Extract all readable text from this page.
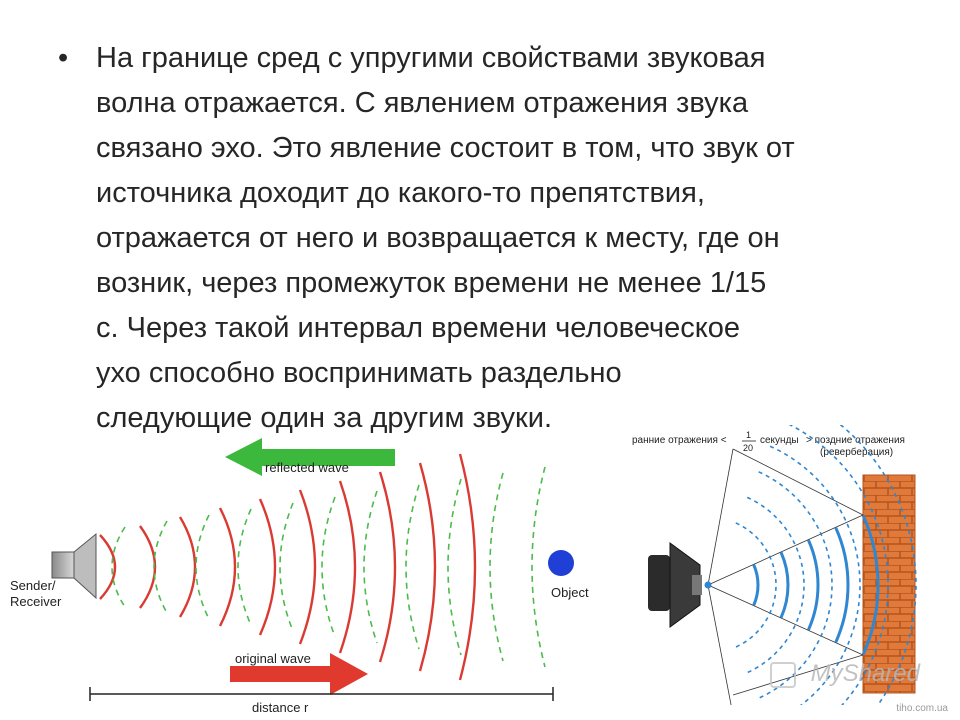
• На границе сред с упругими свойствами звуковая
волна отражается. С явлением отражения звука
связано эхо. Это явление состоит в том, что звук от
источника доходит до какого-то препятствия,
отражается от него и возвращается к месту, где он
возник, через промежуток времени не менее 1/15
с. Через такой интервал времени человеческое
ухо способно воспринимать раздельно
следующие один за другим звуки.
reflected wave
Sender/
Receiver
Object
original wave
distance r
ранние отражения < 1
20
секунды > поздние отражения
(реверберация)
MyShared
tiho.com.ua
